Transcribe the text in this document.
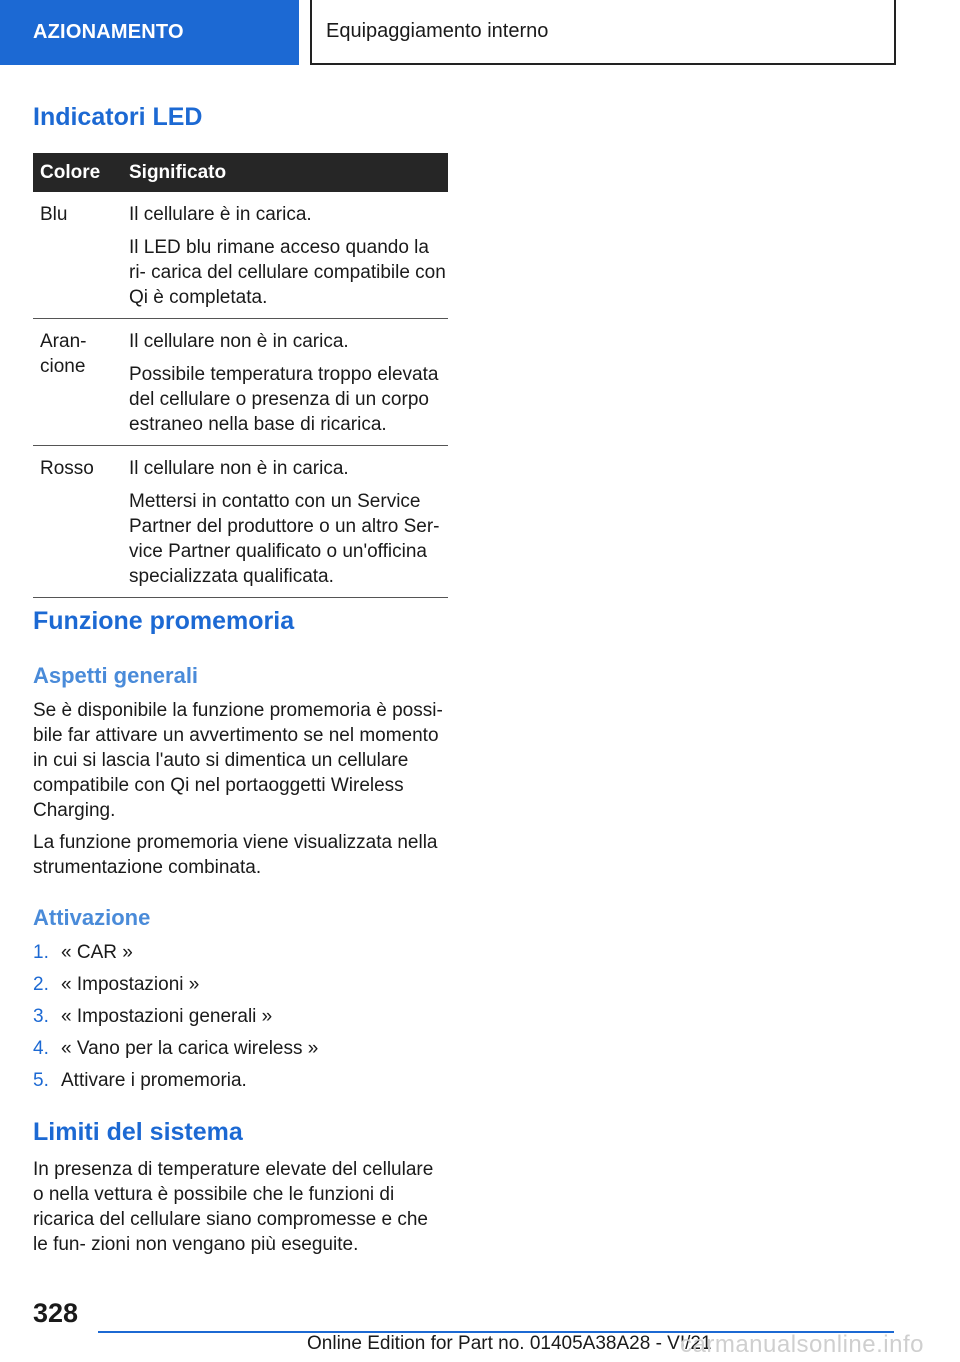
AZIONAMENTO	Equipaggiamento interno
Indicatori LED
Colore	Significato
Blu	Il cellulare è in carica.

Il LED blu rimane acceso quando la ri- carica del cellulare compatibile con Qi è completata.

Aran- cione	Il cellulare non è in carica.

Possibile temperatura troppo elevata del cellulare o presenza di un corpo estraneo nella base di ricarica.

Rosso	Il cellulare non è in carica.

Mettersi in contatto con un Service Partner del produttore o un altro Ser- vice Partner qualificato o un'officina specializzata qualificata.

Funzione promemoria
Aspetti generali

Se è disponibile la funzione promemoria è possi- bile far attivare un avvertimento se nel momento in cui si lascia l'auto si dimentica un cellulare compatibile con Qi nel portaoggetti Wireless Charging.

La funzione promemoria viene visualizzata nella strumentazione combinata.

Attivazione
1. « CAR »
2. « Impostazioni »
3. « Impostazioni generali »
4. « Vano per la carica wireless »
5. Attivare i promemoria.
Limiti del sistema

In presenza di temperature elevate del cellulare o nella vettura è possibile che le funzioni di ricarica del cellulare siano compromesse e che le fun- zioni non vengano più eseguite.

328
Online Edition for Part no. 01405A38A28 - VI/21
carmanualsonline.info
